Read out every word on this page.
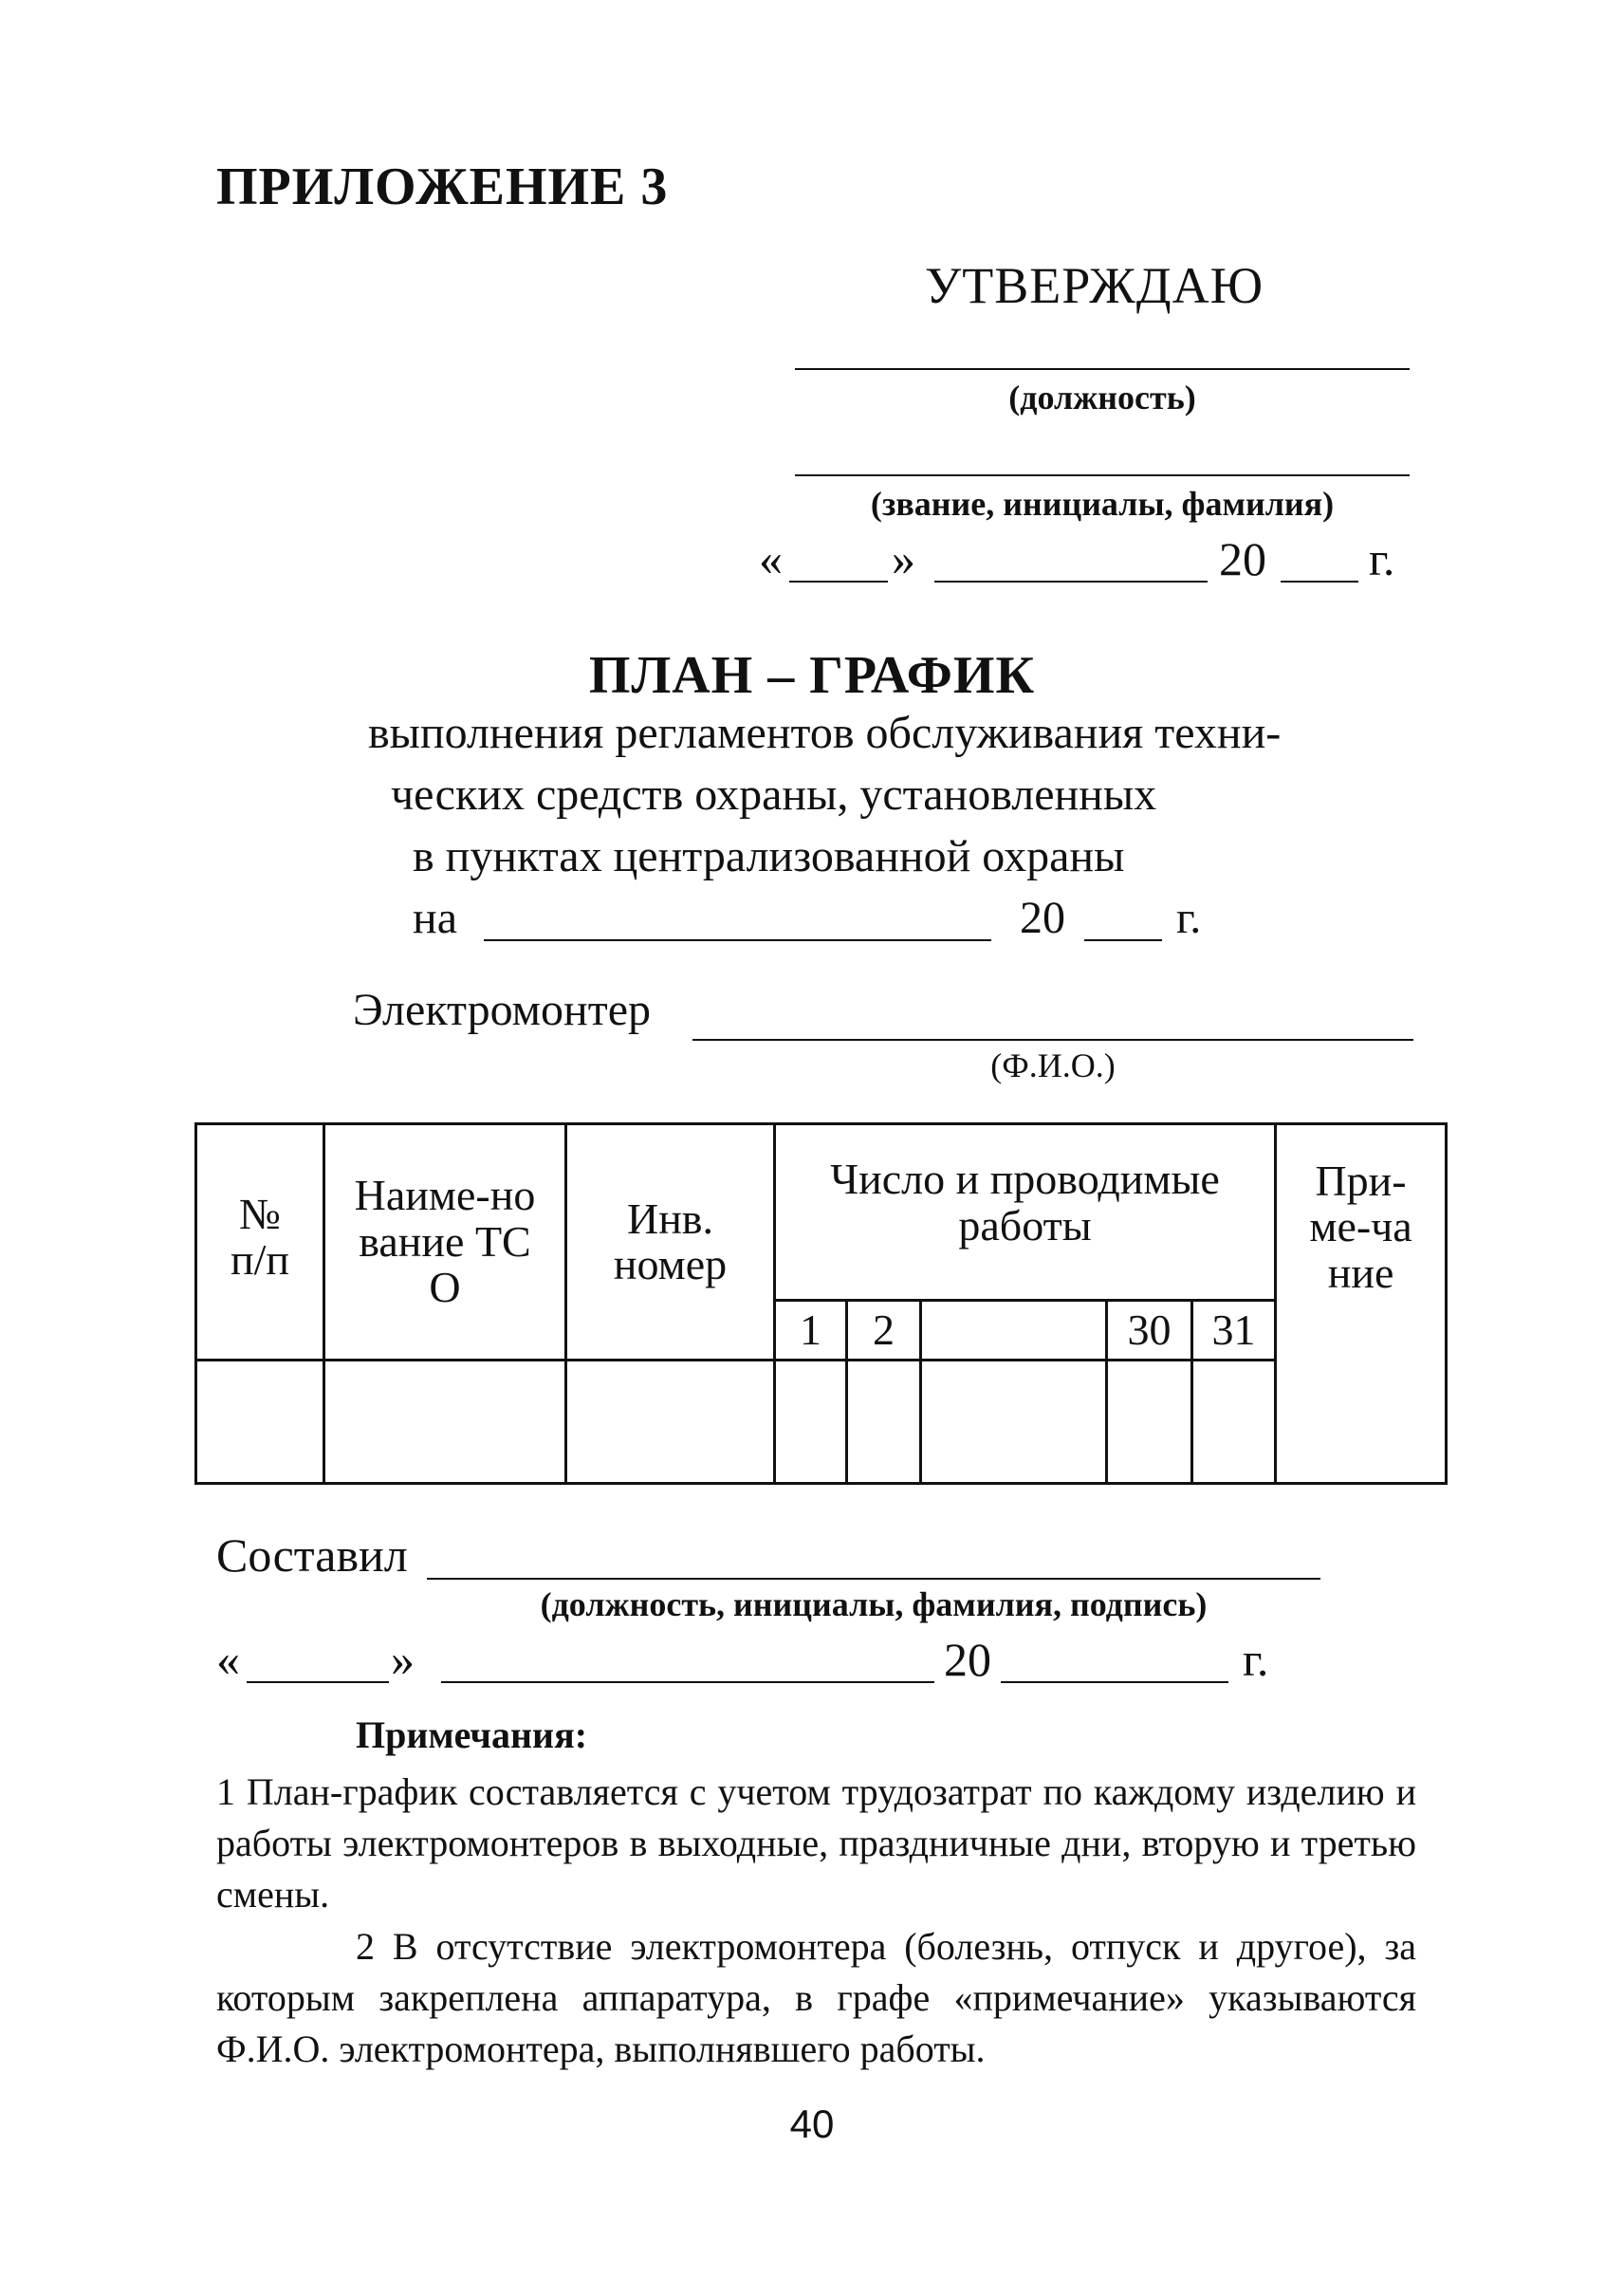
ПРИЛОЖЕНИЕ 3
УТВЕРЖДАЮ
(должность)
(звание, инициалы, фамилия)
« »	20 г.
ПЛАН – ГРАФИК
выполнения регламентов обслуживания техни-
ческих средств охраны, установленных
в пунктах централизованной охраны
на	20 г.
Электромонтер
(Ф.И.О.)
№ п/п	Наиме-нование ТСО	Инв. номер	Число и проводимые работы					При-ме-чание

			1	2		30	31	

Составил
(должность, инициалы, фамилия, подпись)
«	»	20	г.
Примечания:
1 План-график составляется с учетом трудозатрат по каждому изделию и работы электромонтеров в выходные, праздничные дни, вторую и третью смены.
2 В отсутствие электромонтера (болезнь, отпуск и другое), за которым закреплена аппаратура, в графе «примечание» указываются Ф.И.О. электромонтера, выполнявшего работы.
40
